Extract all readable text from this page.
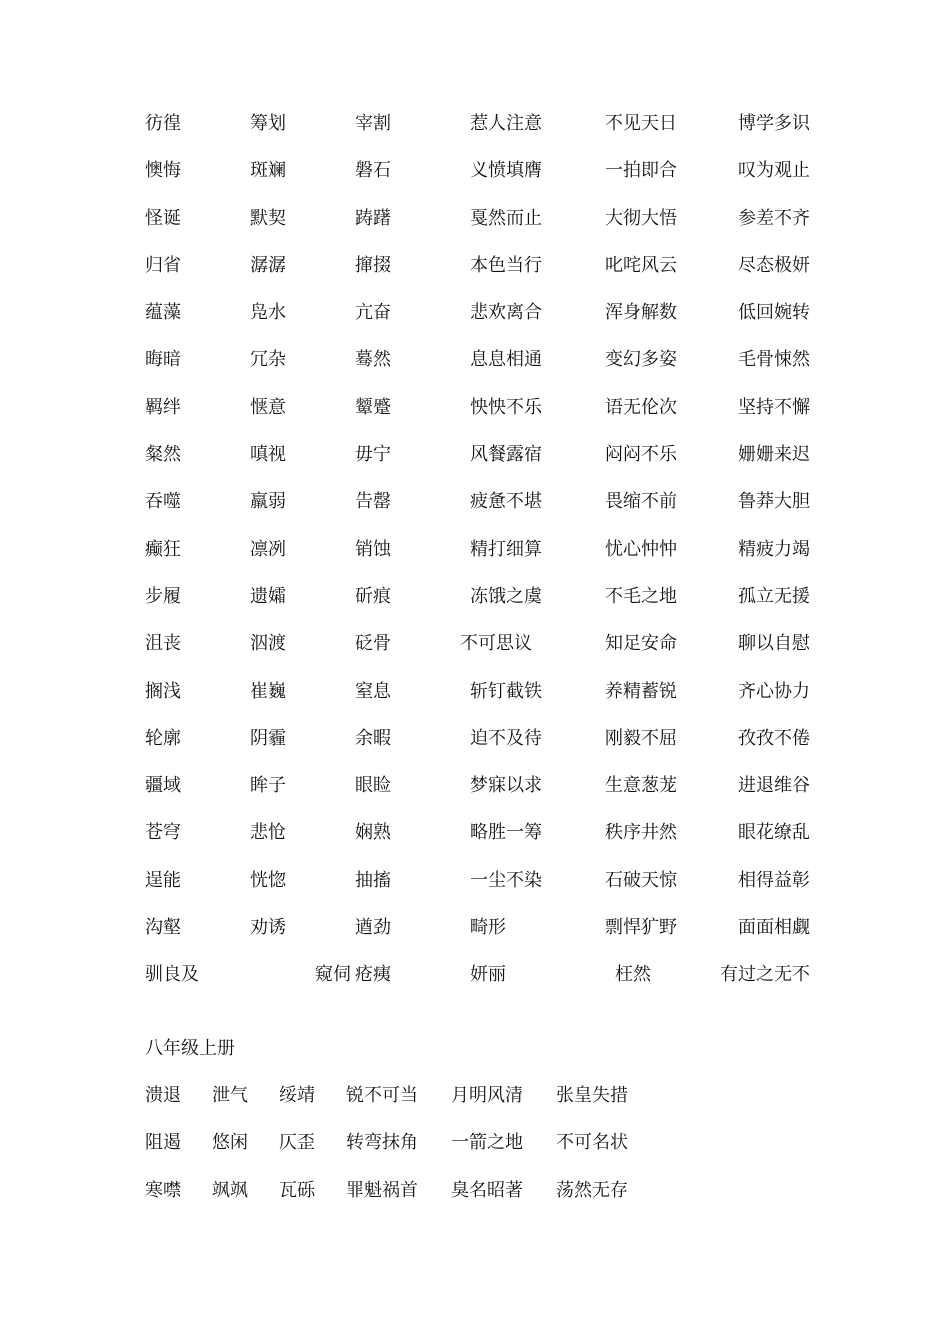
彷徨	筹划	宰割	惹人注意	不见天日	博学多识
懊悔	斑斓	磐石	义愤填膺	一拍即合	叹为观止
怪诞	默契	踌躇	戛然而止	大彻大悟	参差不齐
归省	潺潺	撺掇	本色当行	叱咤风云	尽态极妍
蕴藻	凫水	亢奋	悲欢离合	浑身解数	低回婉转
晦暗	冗杂	蓦然	息息相通	变幻多姿	毛骨悚然
羁绊	惬意	颦蹙	怏怏不乐	语无伦次	坚持不懈
粲然	嗔视	毋宁	风餐露宿	闷闷不乐	姗姗来迟
吞噬	羸弱	告罄	疲惫不堪	畏缩不前	鲁莽大胆
癫狂	凛冽	销蚀	精打细算	忧心忡忡	精疲力竭
步履	遗孀	斫痕	冻饿之虞	不毛之地	孤立无援
沮丧	泅渡	砭骨	不可思议	知足安命	聊以自慰
搁浅	崔巍	窒息	斩钉截铁	养精蓄锐	齐心协力
轮廓	阴霾	余暇	迫不及待	刚毅不屈	孜孜不倦
疆域	眸子	眼睑	梦寐以求	生意葱茏	进退维谷
苍穹	悲怆	娴熟	略胜一筹	秩序井然	眼花缭乱
逞能	恍惚	抽搐	一尘不染	石破天惊	相得益彰
沟壑	劝诱	遒劲	畸形	剽悍犷野	面面相觑
驯良及	窥伺	疮痍	妍丽	枉然	有过之无不
八年级上册
溃退	泄气	绥靖	锐不可当	月明风清	张皇失措
阻遏	悠闲	仄歪	转弯抹角	一箭之地	不可名状
寒噤	飒飒	瓦砾	罪魁祸首	臭名昭著	荡然无存
